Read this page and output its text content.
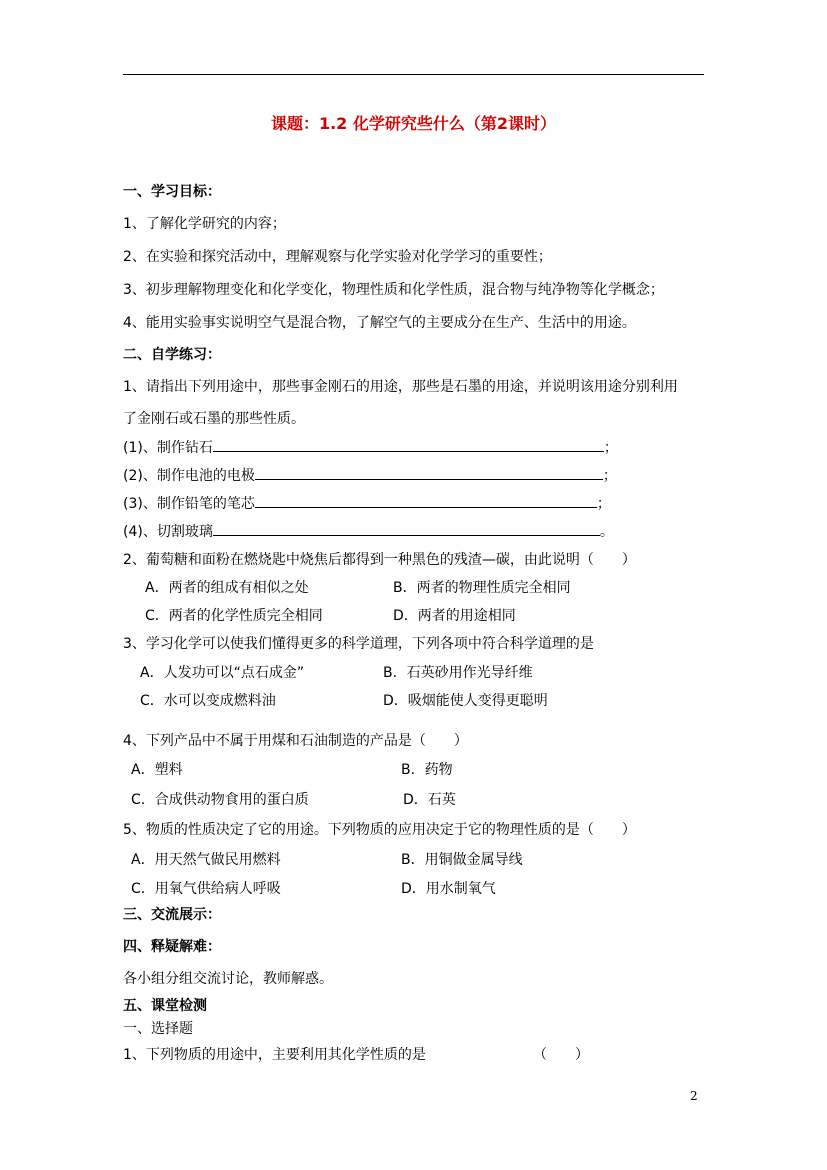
课题：1.2 化学研究些什么（第2课时）
一、学习目标：
1、了解化学研究的内容；
2、在实验和探究活动中，理解观察与化学实验对化学学习的重要性；
3、初步理解物理变化和化学变化，物理性质和化学性质，混合物与纯净物等化学概念；
4、能用实验事实说明空气是混合物，了解空气的主要成分在生产、生活中的用途。
二、自学练习：
1、请指出下列用途中，那些事金刚石的用途，那些是石墨的用途，并说明该用途分别利用
了金刚石或石墨的那些性质。
(1)、制作钻石	；
(2)、制作电池的电极	；
(3)、制作铅笔的笔芯	；
(4)、切割玻璃	。
2、葡萄糖和面粉在燃烧匙中烧焦后都得到一种黑色的残渣—碳，由此说明（　　）
A．两者的组成有相似之处	B．两者的物理性质完全相同
C．两者的化学性质完全相同	D．两者的用途相同
3、学习化学可以使我们懂得更多的科学道理，下列各项中符合科学道理的是
A．人发功可以“点石成金”	B．石英砂用作光导纤维
C．水可以变成燃料油	D．吸烟能使人变得更聪明
4、下列产品中不属于用煤和石油制造的产品是（　　）
A．塑料	B．药物
C．合成供动物食用的蛋白质	D．石英
5、物质的性质决定了它的用途。下列物质的应用决定于它的物理性质的是（　　）
A．用天然气做民用燃料	B．用铜做金属导线
C．用氧气供给病人呼吸	D．用水制氧气
三、交流展示：
四、释疑解难：
各小组分组交流讨论，教师解惑。
五、课堂检测
一、选择题
1、下列物质的用途中，主要利用其化学性质的是	（　　）
2
